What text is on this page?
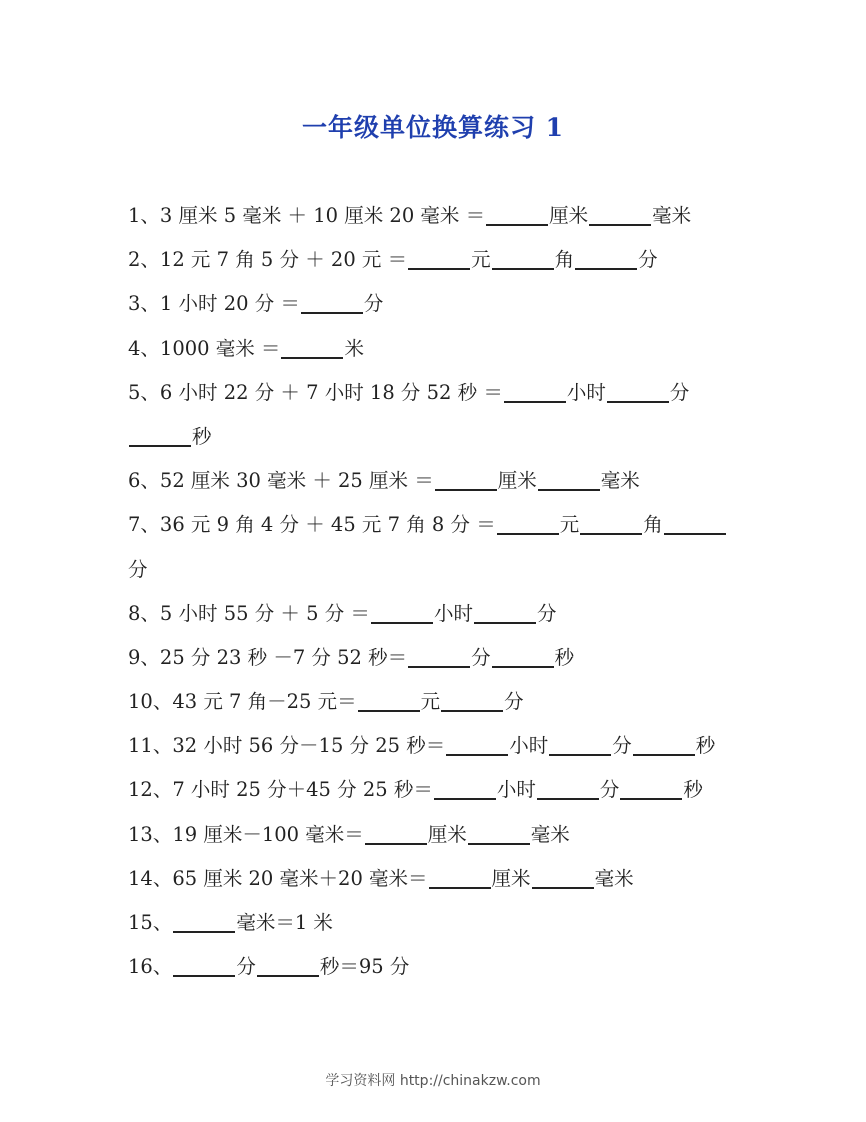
一年级单位换算练习 1
1、3 厘米 5 毫米 ＋ 10 厘米 20 毫米 ＝	厘米	毫米
2、12 元 7 角 5 分 ＋ 20 元 ＝	元	角	分
3、1 小时 20 分 ＝	分
4、1000 毫米 ＝	米
5、6 小时 22 分 ＋ 7 小时 18 分 52 秒 ＝	小时	分
秒
6、52 厘米 30 毫米 ＋ 25 厘米 ＝	厘米	毫米
7、36 元 9 角 4 分 ＋ 45 元 7 角 8 分 ＝	元	角
分
8、5 小时 55 分 ＋ 5 分 ＝	小时	分
9、25 分 23 秒 －7 分 52 秒＝	分	秒
10、43 元 7 角－25 元＝	元	分
11、32 小时 56 分－15 分 25 秒＝	小时	分	秒
12、7 小时 25 分＋45 分 25 秒＝	小时	分	秒
13、19 厘米－100 毫米＝	厘米	毫米
14、65 厘米 20 毫米＋20 毫米＝	厘米	毫米
15、	毫米＝1 米
16、	分	秒＝95 分
学习资料网 http://chinakzw.com
